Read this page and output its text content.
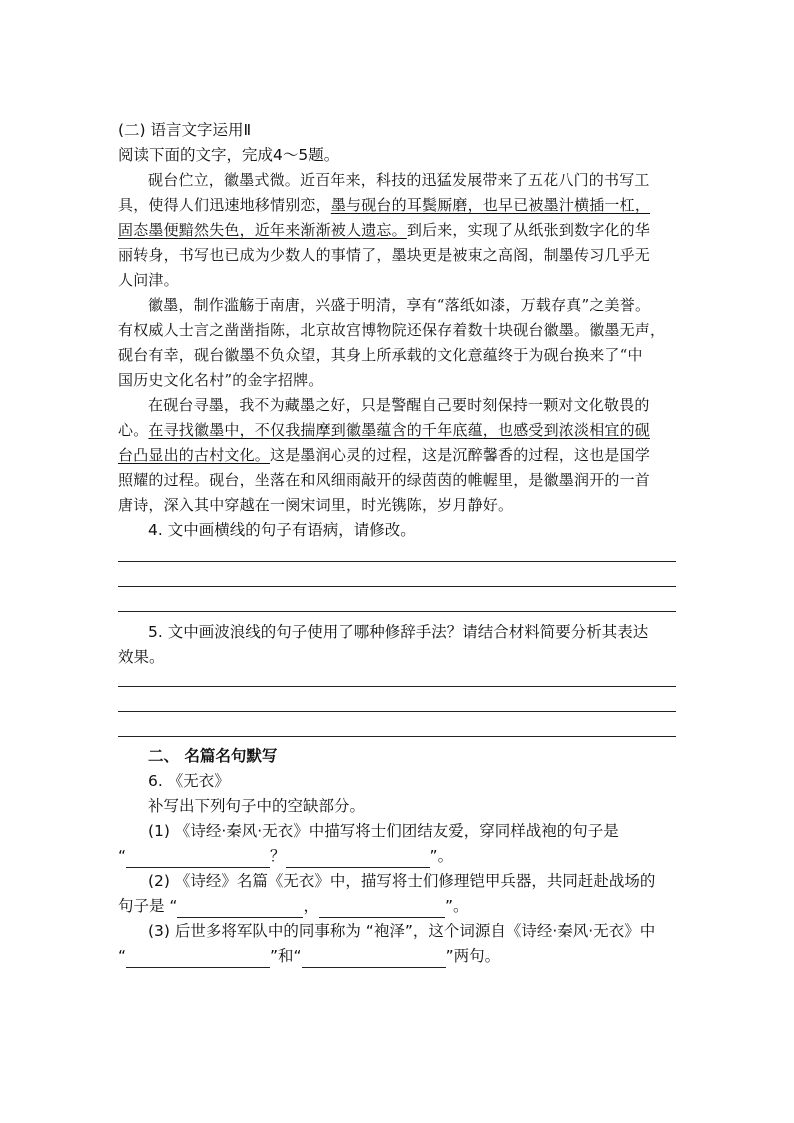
(二) 语言文字运用Ⅱ
阅读下面的文字，完成4～5题。
砚台伫立，徽墨式微。近百年来，科技的迅猛发展带来了五花八门的书写工
具，使得人们迅速地移情别恋，墨与砚台的耳鬓厮磨，也早已被墨汁横插一杠，
固态墨便黯然失色，近年来渐渐被人遗忘。到后来，实现了从纸张到数字化的华
丽转身，书写也已成为少数人的事情了，墨块更是被束之高阁，制墨传习几乎无
人问津。
徽墨，制作滥觞于南唐，兴盛于明清，享有“落纸如漆，万载存真”之美誉。
有权威人士言之凿凿指陈，北京故宫博物院还保存着数十块砚台徽墨。徽墨无声，
砚台有幸，砚台徽墨不负众望，其身上所承载的文化意蕴终于为砚台换来了“中
国历史文化名村”的金字招牌。
在砚台寻墨，我不为藏墨之好，只是警醒自己要时刻保持一颗对文化敬畏的
心。在寻找徽墨中，不仅我揣摩到徽墨蕴含的千年底蕴，也感受到浓淡相宜的砚
台凸显出的古村文化。这是墨润心灵的过程，这是沉醉馨香的过程，这也是国学
照耀的过程。砚台，坐落在和风细雨敲开的绿茵茵的帷幄里，是徽墨润开的一首
唐诗，深入其中穿越在一阕宋词里，时光镌陈，岁月静好。
4. 文中画横线的句子有语病，请修改。
5. 文中画波浪线的句子使用了哪种修辞手法？请结合材料简要分析其表达
效果。
二、 名篇名句默写
6. 《无衣》
补写出下列句子中的空缺部分。
(1) 《诗经·秦风·无衣》中描写将士们团结友爱，穿同样战袍的句子是
“	？	”。
(2) 《诗经》名篇《无衣》中，描写将士们修理铠甲兵器，共同赶赴战场的
句子是 “	，	”。
(3) 后世多将军队中的同事称为 “袍泽”，这个词源自《诗经·秦风·无衣》中
“	”和“	”两句。
